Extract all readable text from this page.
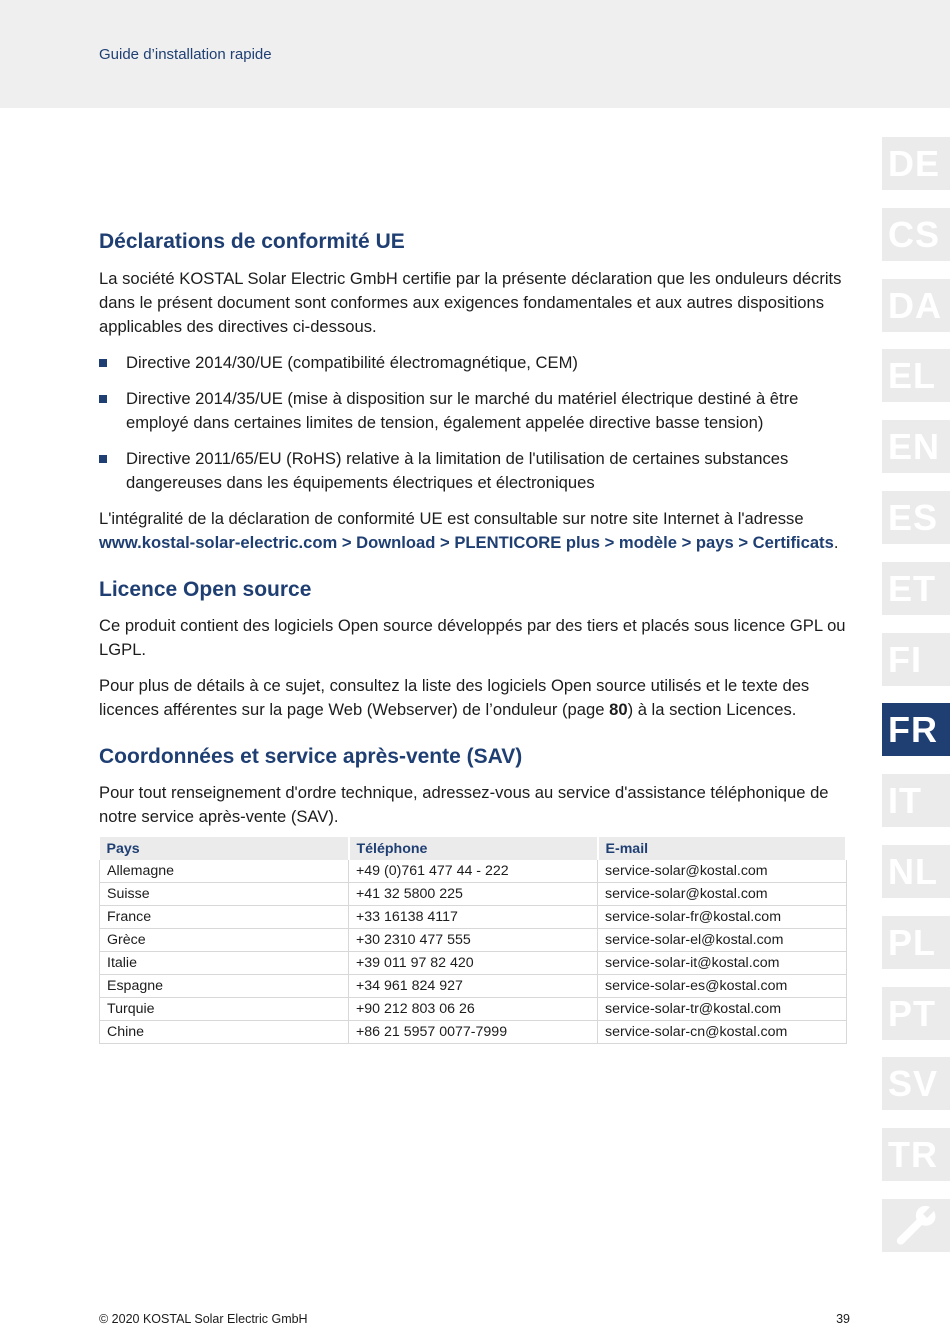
Guide d’installation rapide
DE
CS
DA
EL
EN
ES
ET
FI
FR
IT
NL
PL
PT
SV
TR
Déclarations de conformité UE

La société KOSTAL Solar Electric GmbH certifie par la présente déclaration que les onduleurs décrits dans le présent document sont conformes aux exigences fondamentales et aux autres dispositions applicables des directives ci-dessous.

Directive 2014/30/UE (compatibilité électromagnétique, CEM)
Directive 2014/35/UE (mise à disposition sur le marché du matériel électrique destiné à être employé dans certaines limites de tension, également appelée directive basse tension)
Directive 2011/65/EU (RoHS) relative à la limitation de l'utilisation de certaines substances dangereuses dans les équipements électriques et électroniques

L'intégralité de la déclaration de conformité UE est consultable sur notre site Internet à l'adresse www.kostal-solar-electric.com > Download > PLENTICORE plus > modèle > pays > Certificats.

Licence Open source

Ce produit contient des logiciels Open source développés par des tiers et placés sous licence GPL ou LGPL.

Pour plus de détails à ce sujet, consultez la liste des logiciels Open source utilisés et le texte des licences afférentes sur la page Web (Webserver) de l’onduleur (page 80) à la section Licences.

Coordonnées et service après-vente (SAV)

Pour tout renseignement d'ordre technique, adressez-vous au service d'assistance téléphonique de notre service après-vente (SAV).

Pays	Téléphone	E-mail
Allemagne	+49 (0)761 477 44 - 222	service-solar@kostal.com
Suisse	+41 32 5800 225	service-solar@kostal.com
France	+33 16138 4117	service-solar-fr@kostal.com
Grèce	+30 2310 477 555	service-solar-el@kostal.com
Italie	+39 011 97 82 420	service-solar-it@kostal.com
Espagne	+34 961 824 927	service-solar-es@kostal.com
Turquie	+90 212 803 06 26	service-solar-tr@kostal.com
Chine	+86 21 5957 0077-7999	service-solar-cn@kostal.com
© 2020 KOSTAL Solar Electric GmbH	39
